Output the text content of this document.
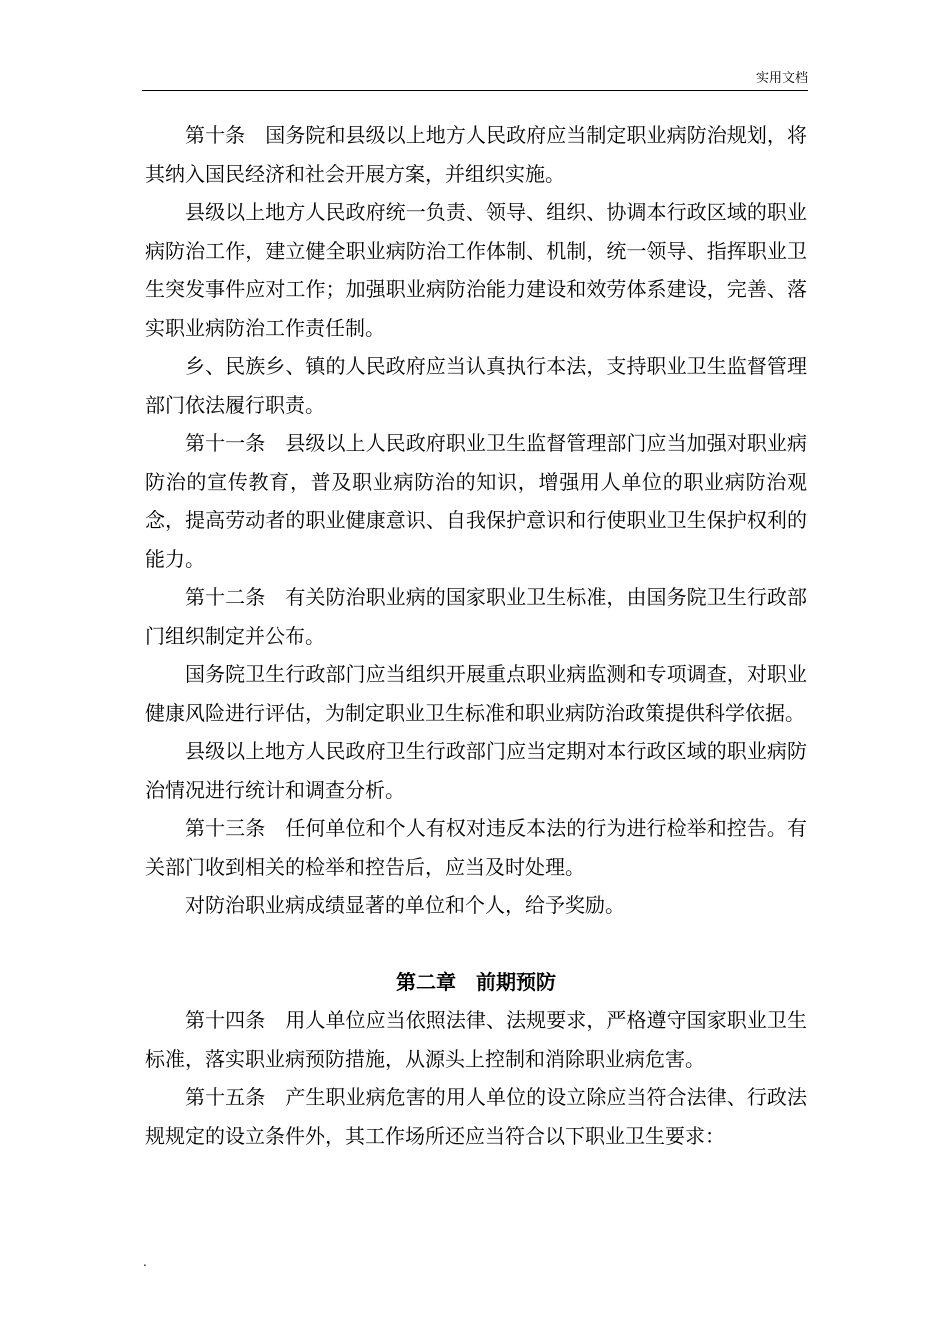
实用文档

第十条　国务院和县级以上地方人民政府应当制定职业病防治规划，将其纳入国民经济和社会开展方案，并组织实施。

县级以上地方人民政府统一负责、领导、组织、协调本行政区域的职业病防治工作，建立健全职业病防治工作体制、机制，统一领导、指挥职业卫生突发事件应对工作；加强职业病防治能力建设和效劳体系建设，完善、落实职业病防治工作责任制。

乡、民族乡、镇的人民政府应当认真执行本法，支持职业卫生监督管理部门依法履行职责。

第十一条　县级以上人民政府职业卫生监督管理部门应当加强对职业病防治的宣传教育，普及职业病防治的知识，增强用人单位的职业病防治观念，提高劳动者的职业健康意识、自我保护意识和行使职业卫生保护权利的能力。

第十二条　有关防治职业病的国家职业卫生标准，由国务院卫生行政部门组织制定并公布。

国务院卫生行政部门应当组织开展重点职业病监测和专项调查，对职业健康风险进行评估，为制定职业卫生标准和职业病防治政策提供科学依据。

县级以上地方人民政府卫生行政部门应当定期对本行政区域的职业病防治情况进行统计和调查分析。

第十三条　任何单位和个人有权对违反本法的行为进行检举和控告。有关部门收到相关的检举和控告后，应当及时处理。

对防治职业病成绩显著的单位和个人，给予奖励。

第二章　前期预防

第十四条　用人单位应当依照法律、法规要求，严格遵守国家职业卫生标准，落实职业病预防措施，从源头上控制和消除职业病危害。

第十五条　产生职业病危害的用人单位的设立除应当符合法律、行政法规规定的设立条件外，其工作场所还应当符合以下职业卫生要求：

.
